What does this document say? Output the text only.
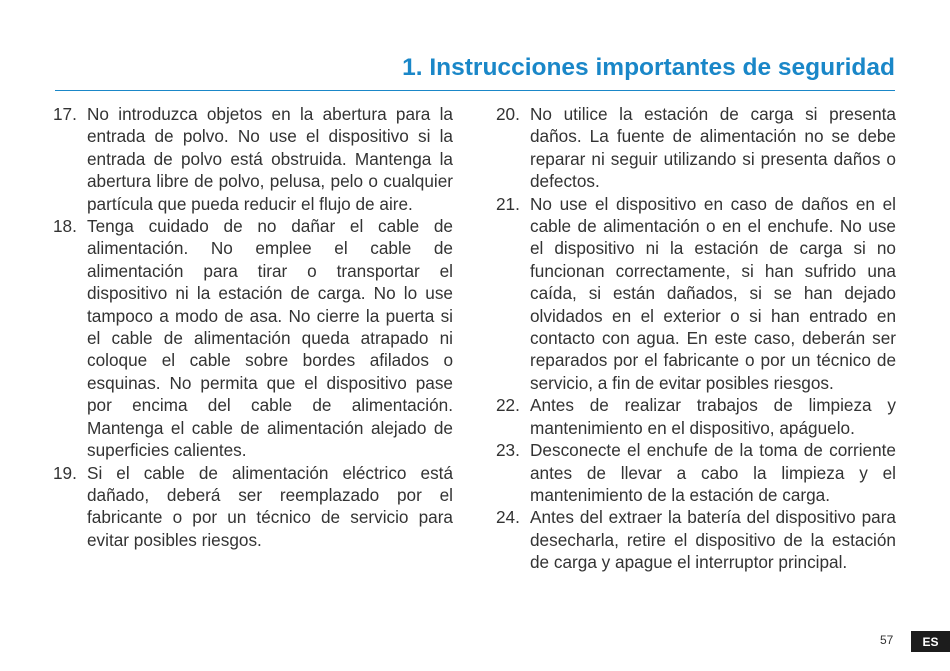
1. Instrucciones importantes de seguridad
17. No introduzca objetos en la abertura para la entrada de polvo. No use el dispositivo si la entrada de polvo está obstruida. Mantenga la abertura libre de polvo, pelusa, pelo o cualquier partícula que pueda reducir el flujo de aire.
18. Tenga cuidado de no dañar el cable de alimentación. No emplee el cable de alimentación para tirar o transportar el dispositivo ni la estación de carga. No lo use tampoco a modo de asa. No cierre la puerta si el cable de alimentación queda atrapado ni coloque el cable sobre bordes afilados o esquinas. No permita que el dispositivo pase por encima del cable de alimentación. Mantenga el cable de alimentación alejado de superficies calientes.
19. Si el cable de alimentación eléctrico está dañado, deberá ser reemplazado por el fabricante o por un técnico de servicio para evitar posibles riesgos.
20. No utilice la estación de carga si presenta daños. La fuente de alimentación no se debe reparar ni seguir utilizando si presenta daños o defectos.
21. No use el dispositivo en caso de daños en el cable de alimentación o en el enchufe. No use el dispositivo ni la estación de carga si no funcionan correctamente, si han sufrido una caída, si están dañados, si se han dejado olvidados en el exterior o si han entrado en contacto con agua. En este caso, deberán ser reparados por el fabricante o por un técnico de servicio, a fin de evitar posibles riesgos.
22. Antes de realizar trabajos de limpieza y mantenimiento en el dispositivo, apáguelo.
23. Desconecte el enchufe de la toma de corriente antes de llevar a cabo la limpieza y el mantenimiento de la estación de carga.
24. Antes del extraer la batería del dispositivo para desecharla, retire el dispositivo de la estación de carga y apague el interruptor principal.
57	ES
